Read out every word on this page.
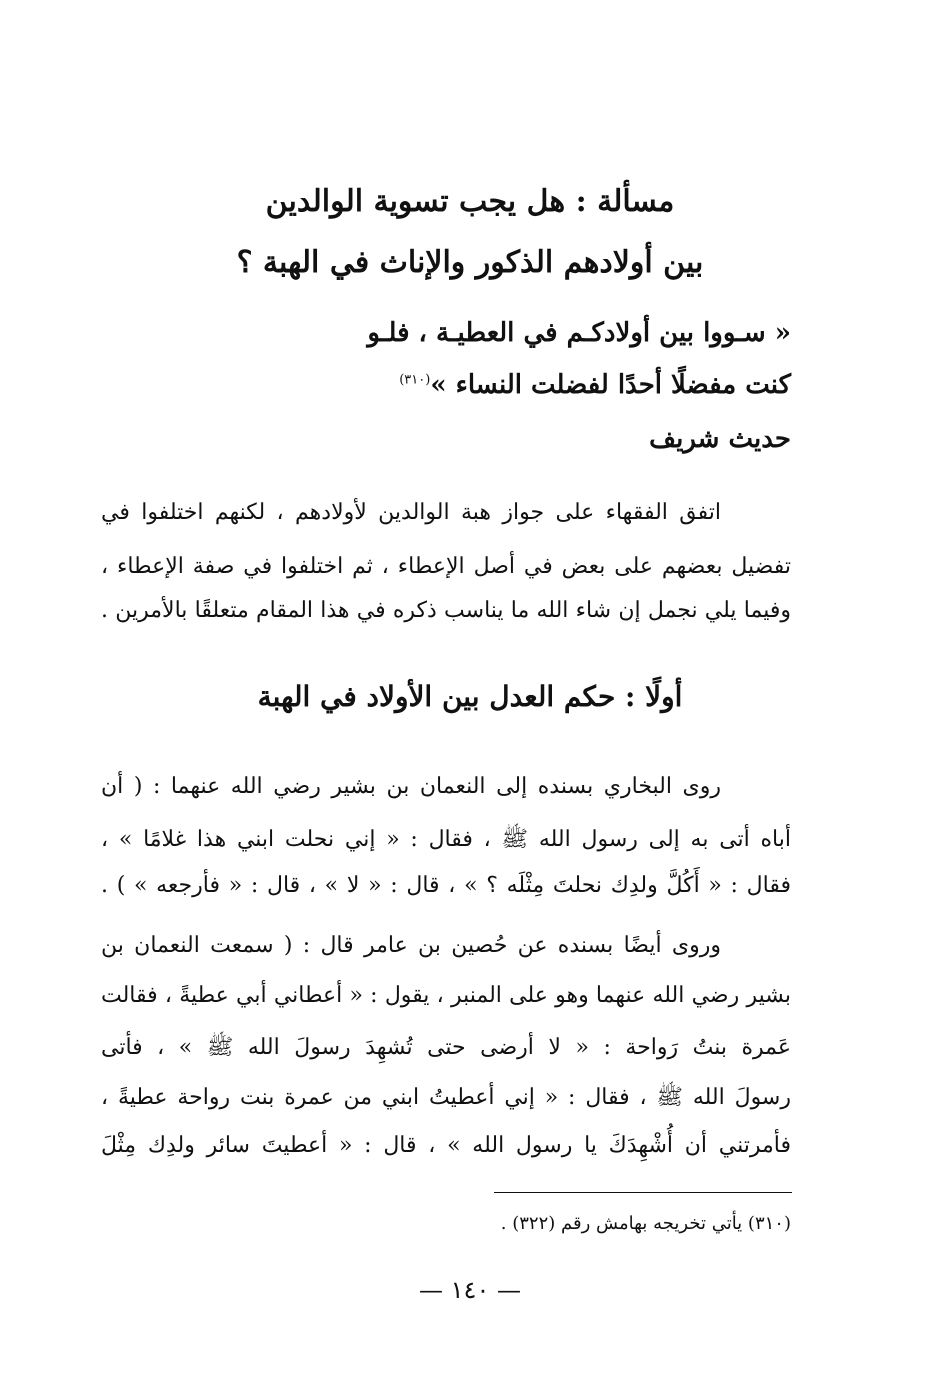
مسألة : هل يجب تسوية الوالدين
بين أولادهم الذكور والإناث في الهبة ؟
« سـووا بين أولادكـم في العطيـة ، فلـو
كنت مفضلًا أحدًا لفضلت النساء »$^{(٣١٠)}$
حديث شريف
اتفق الفقهاء على جواز هبة الوالدين لأولادهم ، لكنهم اختلفوا في
تفضيل بعضهم على بعض في أصل الإعطاء ، ثم اختلفوا في صفة الإعطاء ،
وفيما يلي نجمل إن شاء الله ما يناسب ذكره في هذا المقام متعلقًا بالأمرين .
أولًا : حكم العدل بين الأولاد في الهبة
روى البخاري بسنده إلى النعمان بن بشير رضي الله عنهما : ( أن
أباه أتى به إلى رسول الله ﷺ ، فقال : « إني نحلت ابني هذا غلامًا » ،
فقال : « أَكُلَّ ولدِك نحلتَ مِثْلَه ؟ » ، قال : « لا » ، قال : « فأرجعه » ) .
وروى أيضًا بسنده عن حُصين بن عامر قال : ( سمعت النعمان بن
بشير رضي الله عنهما وهو على المنبر ، يقول : « أعطاني أبي عطيةً ، فقالت
عَمرة بنتُ رَواحة : « لا أرضى حتى تُشهِدَ رسولَ الله ﷺ » ، فأتى
رسولَ الله ﷺ ، فقال : « إني أعطيتُ ابني من عمرة بنت رواحة عطيةً ،
فأمرتني أن أُشْهِدَكَ يا رسول الله » ، قال : « أعطيتَ سائر ولدِك مِثْلَ
(٣١٠) يأتي تخريجه بهامش رقم (٣٢٢) .
— ١٤٠ —
